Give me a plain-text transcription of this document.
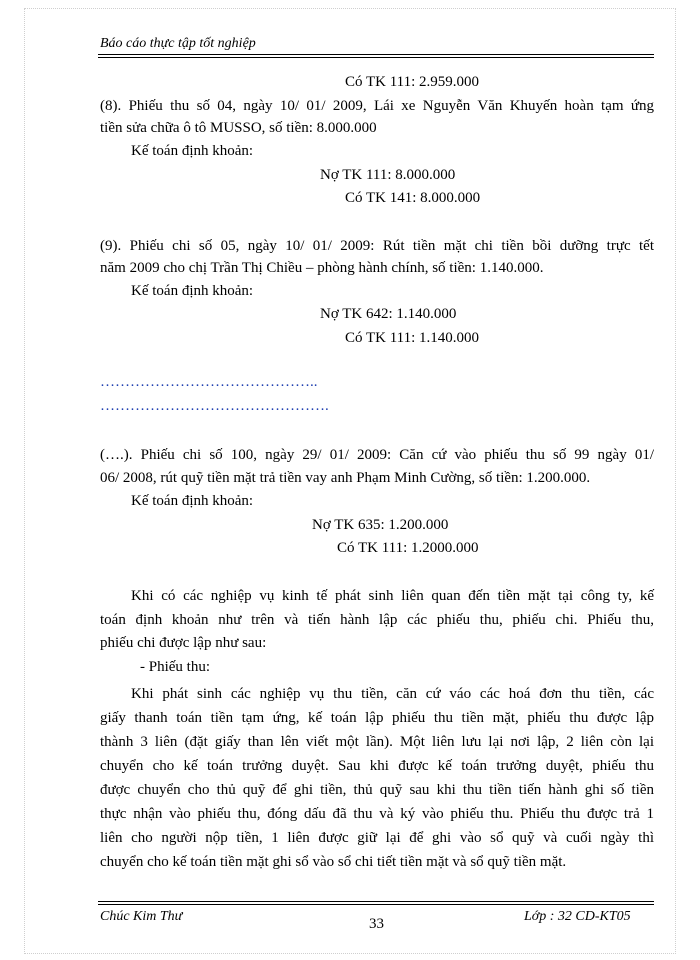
Báo cáo thực tập tốt nghiệp
Có TK 111: 2.959.000
(8). Phiếu thu số 04, ngày 10/ 01/ 2009, Lái xe Nguyễn Văn Khuyến hoàn tạm ứng
tiền sửa chữa ô tô MUSSO, số tiền: 8.000.000
Kế toán định khoản:
Nợ TK 111: 8.000.000
Có TK 141: 8.000.000
(9). Phiếu chi số 05, ngày 10/ 01/ 2009: Rút tiền mặt chi tiền bồi dưỡng trực tết
năm 2009 cho chị Trần Thị Chiều – phòng hành chính, số tiền: 1.140.000.
Kế toán định khoản:
Nợ TK 642: 1.140.000
Có TK 111: 1.140.000
……………………………………..
……………………………………….
(….). Phiếu chi số 100, ngày 29/ 01/ 2009: Căn cứ vào phiếu thu số 99 ngày 01/
06/ 2008, rút quỹ tiền mặt trả tiền vay anh Phạm Minh Cường, số tiền: 1.200.000.
Kế toán định khoản:
Nợ TK 635: 1.200.000
Có TK 111: 1.2000.000
Khi có các nghiệp vụ kinh tế phát sinh liên quan đến tiền mặt tại công ty, kế
toán định khoản như trên và tiến hành lập các phiếu thu, phiếu chi. Phiếu thu,
phiếu chi được lập như sau:
- Phiếu thu:
Khi phát sinh các nghiệp vụ thu tiền, căn cứ váo các hoá đơn thu tiền, các
giấy thanh toán tiền tạm ứng, kế toán lập phiếu thu tiền mặt, phiếu thu được lập
thành 3 liên (đặt giấy than lên viết một lần). Một liên lưu lại nơi lập, 2 liên còn lại
chuyển cho kế toán trưởng duyệt. Sau khi được kế toán trưởng duyệt, phiếu thu
được chuyển cho thủ quỹ để ghi tiền, thủ quỹ sau khi thu tiền tiến hành ghi số tiền
thực nhận vào phiếu thu, đóng dấu đã thu và ký vào phiếu thu. Phiếu thu được trả 1
liên cho người nộp tiền, 1 liên được giữ lại để ghi vào sổ quỹ và cuối ngày thì
chuyển cho kế toán tiền mặt ghi sổ vào sổ chi tiết tiền mặt và sổ quỹ tiền mặt.
Chúc Kim Thư	33	Lớp : 32 CD-KT05
